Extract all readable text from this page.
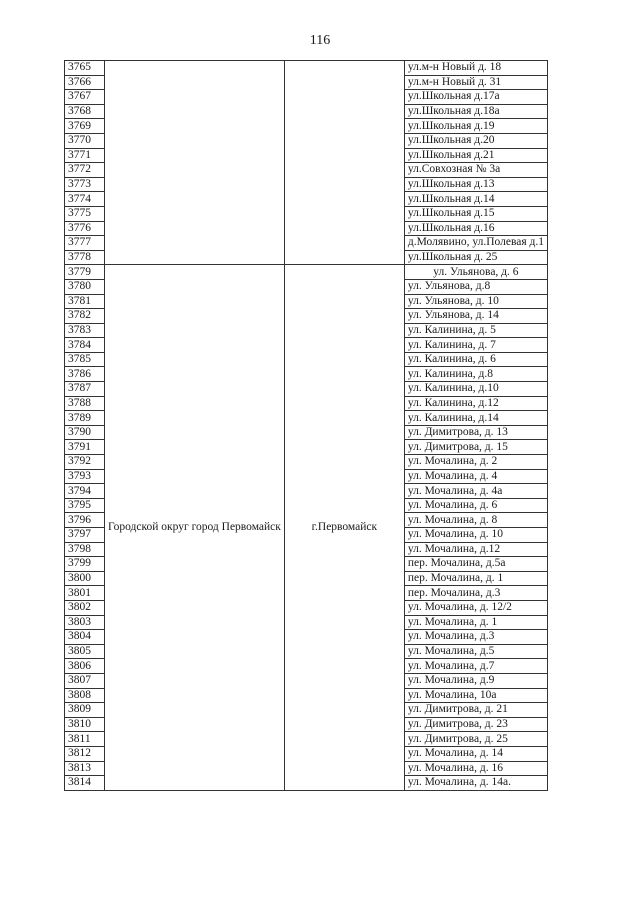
116
3765			ул.м-н Новый д. 18
3766			ул.м-н Новый д. 31
3767			ул.Школьная д.17а
3768			ул.Школьная д.18а
3769			ул.Школьная д.19
3770			ул.Школьная д.20
3771			ул.Школьная д.21
3772			ул.Совхозная № 3а
3773			ул.Школьная д.13
3774			ул.Школьная д.14
3775			ул.Школьная д.15
3776			ул.Школьная д.16
3777			д.Молявино, ул.Полевая д.1
3778			ул.Школьная д. 25
3779	Городской округ город Первомайск	г.Первомайск	ул. Ульянова, д. 6
3780			ул. Ульянова, д.8
3781			ул. Ульянова, д. 10
3782			ул. Ульянова, д. 14
3783			ул. Калинина, д. 5
3784			ул. Калинина, д. 7
3785			ул. Калинина, д. 6
3786			ул. Калинина, д.8
3787			ул. Калинина, д.10
3788			ул. Калинина, д.12
3789			ул. Калинина, д.14
3790			ул. Димитрова, д. 13
3791			ул. Димитрова, д. 15
3792			ул. Мочалина, д. 2
3793			ул. Мочалина, д. 4
3794			ул. Мочалина, д. 4а
3795			ул. Мочалина, д. 6
3796			ул. Мочалина, д. 8
3797			ул. Мочалина, д. 10
3798			ул. Мочалина, д.12
3799			пер. Мочалина, д.5а
3800			пер. Мочалина, д. 1
3801			пер. Мочалина, д.3
3802			ул. Мочалина, д. 12/2
3803			ул. Мочалина, д. 1
3804			ул. Мочалина, д.3
3805			ул. Мочалина, д.5
3806			ул. Мочалина, д.7
3807			ул. Мочалина, д.9
3808			ул. Мочалина, 10а
3809			ул. Димитрова, д. 21
3810			ул. Димитрова, д. 23
3811			ул. Димитрова, д. 25
3812			ул. Мочалина, д. 14
3813			ул. Мочалина, д. 16
3814			ул. Мочалина, д. 14а.
